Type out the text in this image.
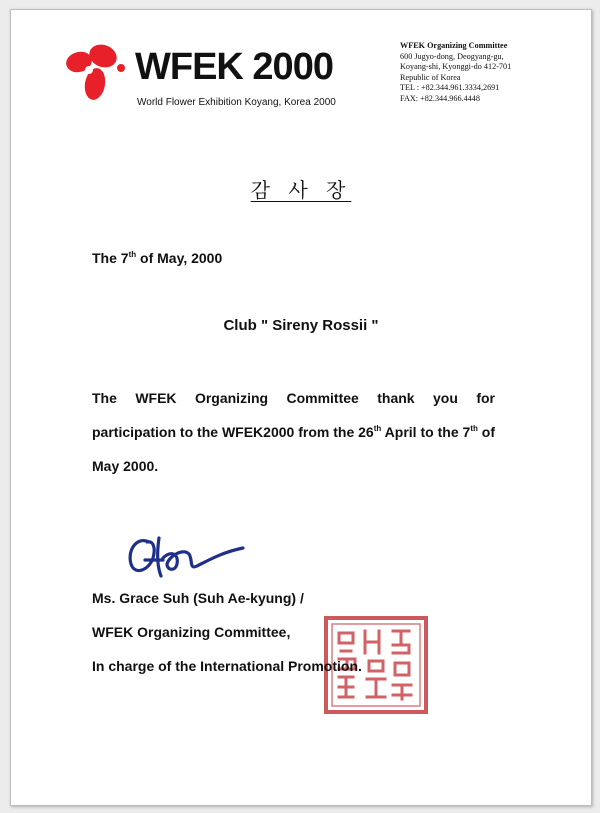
WFEK 2000
World Flower Exhibition Koyang, Korea 2000
WFEK Organizing Committee
600 Jugyo-dong, Deogyang-gu,
Koyang-shi, Kyonggi-do 412-701
Republic of Korea
TEL : +82.344.961.3334,2691
FAX: +82.344.966.4448
감 사 장
The 7th of May, 2000
Club " Sireny Rossii "
The WFEK Organizing Committee thank you for participation to the WFEK2000 from the 26th April to the 7th of May 2000.
Ms. Grace Suh (Suh Ae-kyung) /
WFEK Organizing Committee,
In charge of the International Promotion.
